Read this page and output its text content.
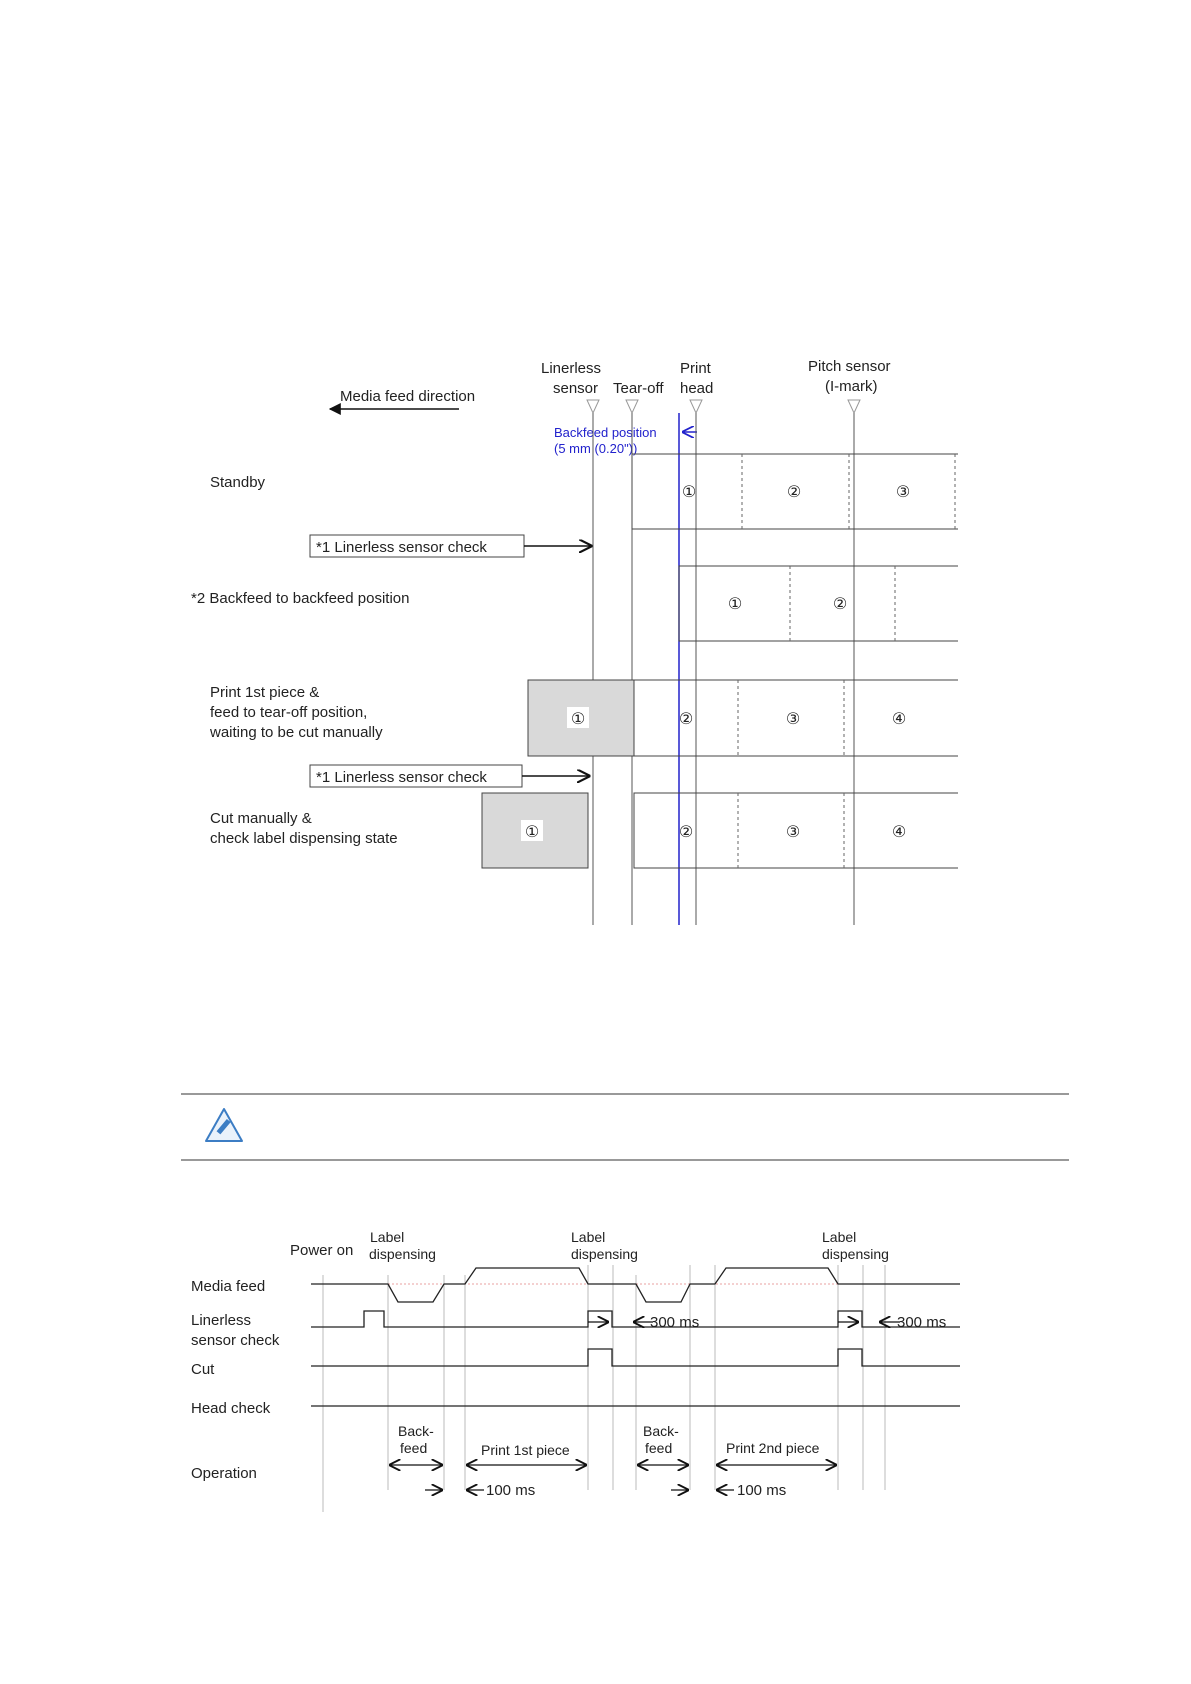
Media feed direction
Linerless
sensor Tear-off
Print
head
Pitch sensor
(I-mark)
Backfeed position
(5 mm (0.20"))
Standby
①	②	③
*1 Linerless sensor check
*2 Backfeed to backfeed position	①	②
Print 1st piece &
feed to tear-off position,
waiting to be cut manually
①	②	③	④
*1 Linerless sensor check
Cut manually &
check label dispensing state	①	②	③	④
Power on
Label
dispensing
Label
dispensing
Label
dispensing
Media feed
Linerless
sensor check
Cut
Head check
Operation
300 ms	300 ms
Back-
feed	Print 1st piece
Back-
feed	Print 2nd piece
100 ms	100 ms
